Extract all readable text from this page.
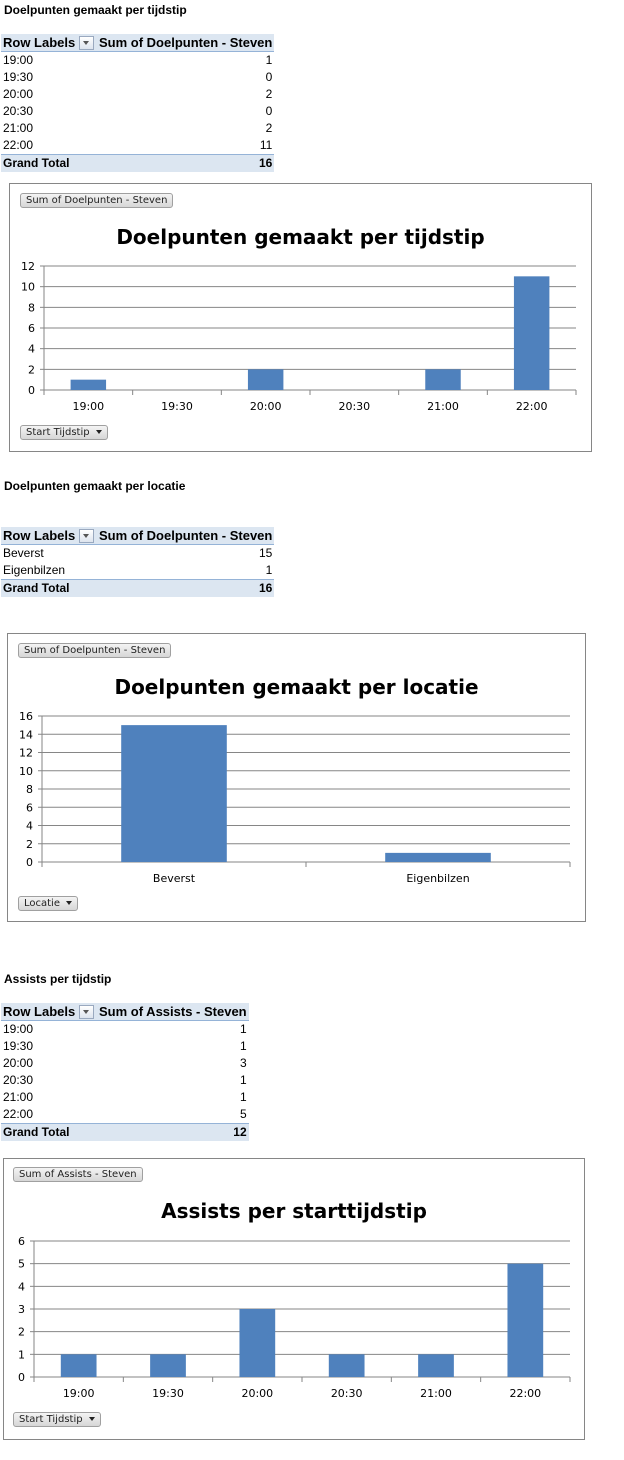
Doelpunten gemaakt per tijdstip
Row Labels	Sum of Doelpunten - Steven
19:00	1
19:30	0
20:00	2
20:30	0
21:00	2
22:00	11
Grand Total	16
Doelpunten gemaakt per tijdstip
0
2
4
6
8
10
12
19:00	19:30	20:00	20:30	21:00	22:00
Sum of Doelpunten - Steven
Start Tijdstip
Doelpunten gemaakt per locatie
Row Labels	Sum of Doelpunten - Steven
Beverst	15
Eigenbilzen	1
Grand Total	16
Doelpunten gemaakt per locatie
0
2
4
6
8
10
12
14
16
Beverst	Eigenbilzen
Sum of Doelpunten - Steven
Locatie
Assists per tijdstip
Row Labels	Sum of Assists - Steven
19:00	1
19:30	1
20:00	3
20:30	1
21:00	1
22:00	5
Grand Total	12
Assists per starttijdstip
0
1
2
3
4
5
6
19:00	19:30	20:00	20:30	21:00	22:00
Sum of Assists - Steven
Start Tijdstip
